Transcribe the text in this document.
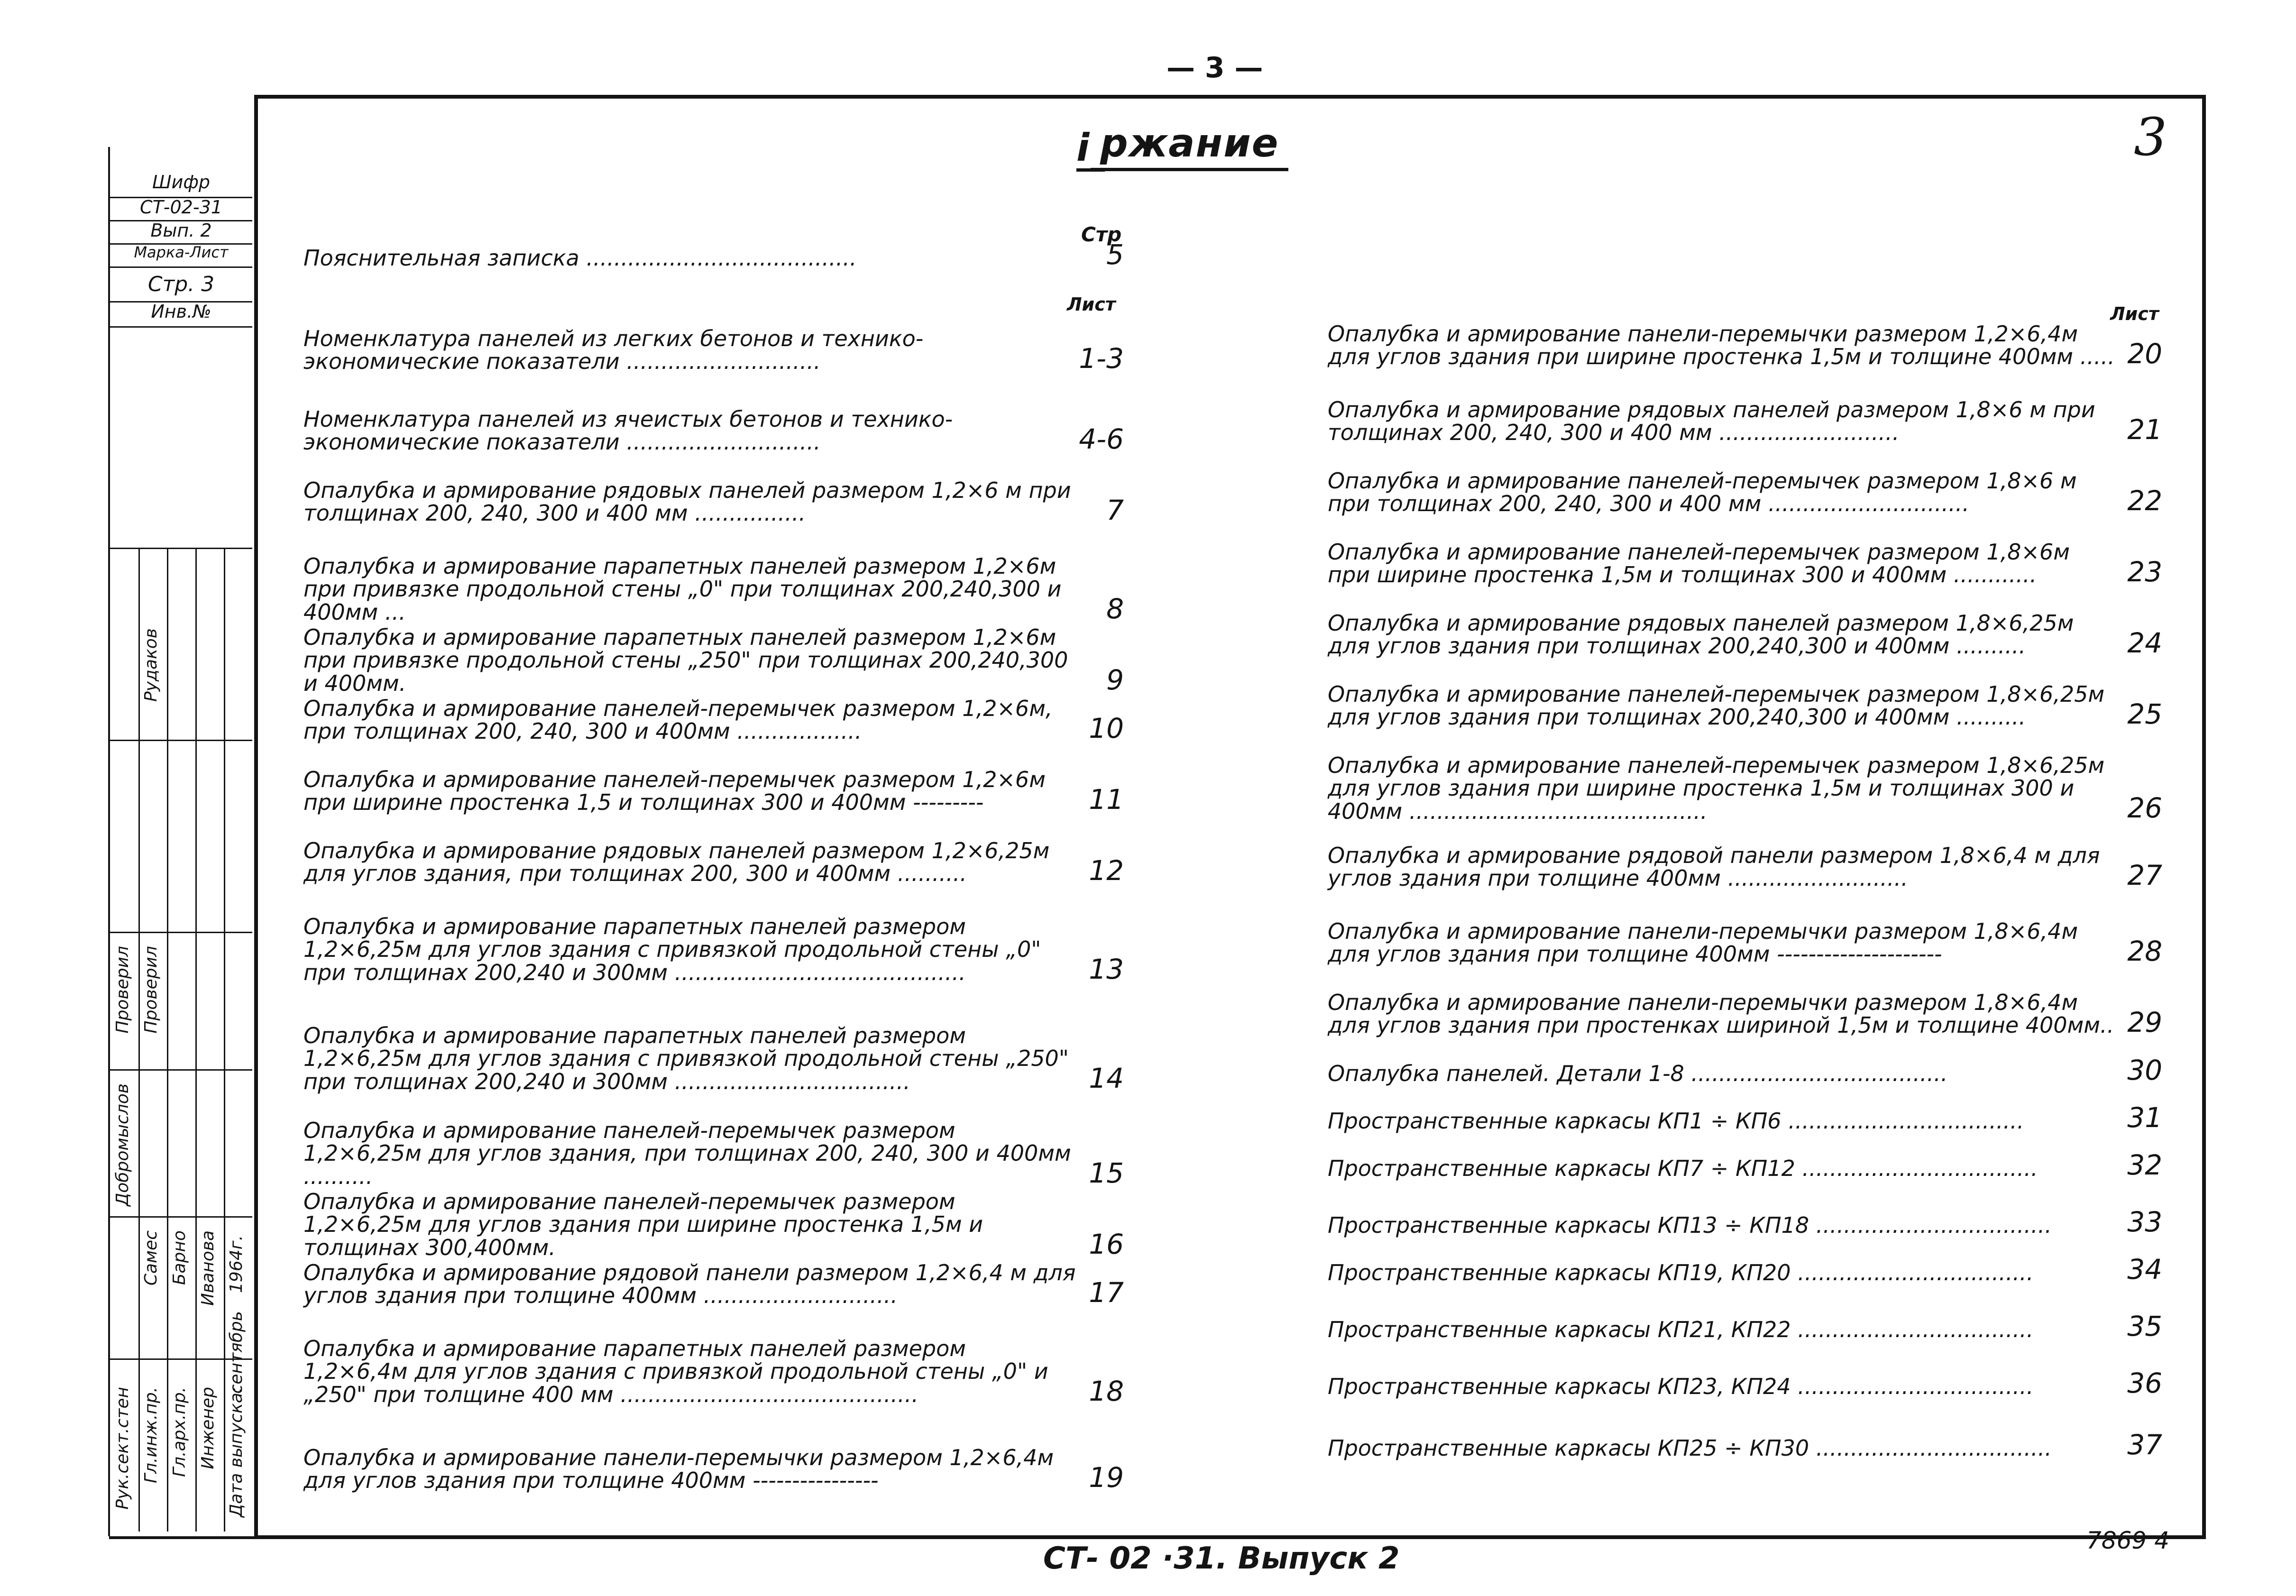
— 3 —
3
Шифр
СТ-02-31
Вып. 2
Марка-Лист
Стр. 3
Инв.№
Рудаков
Проверил Проверил
Добромыслов
Самес Барно Иванова 1964г.
сентябрь
Рук.сект.стен Гл.инж.пр. Гл.арх.пр. Инженер Дата выпуска:
i ржание
Стр
Лист	Лист
Пояснительная записка .......................................	5
Номенклатура панелей из легких бетонов и технико-экономические показатели ............................	1-3
Номенклатура панелей из ячеистых бетонов и технико-экономические показатели ............................	4-6
Опалубка и армирование рядовых панелей размером 1,2×6 м при толщинах 200, 240, 300 и 400 мм ................	7
Опалубка и армирование парапетных панелей размером 1,2×6м при привязке продольной стены „0" при толщинах 200,240,300 и 400мм ...	8
Опалубка и армирование парапетных панелей размером 1,2×6м при привязке продольной стены „250" при толщинах 200,240,300 и 400мм.	9
Опалубка и армирование панелей-перемычек размером 1,2×6м, при толщинах 200, 240, 300 и 400мм ..................	10
Опалубка и армирование панелей-перемычек размером 1,2×6м при ширине простенка 1,5 и толщинах 300 и 400мм ---------	11
Опалубка и армирование рядовых панелей размером 1,2×6,25м для углов здания, при толщинах 200, 300 и 400мм ..........	12
Опалубка и армирование парапетных панелей размером 1,2×6,25м для углов здания с привязкой продольной стены „0" при толщинах 200,240 и 300мм ..........................................	13
Опалубка и армирование парапетных панелей размером 1,2×6,25м для углов здания с привязкой продольной стены „250" при толщинах 200,240 и 300мм ..................................	14
Опалубка и армирование панелей-перемычек размером 1,2×6,25м для углов здания, при толщинах 200, 240, 300 и 400мм ..........	15
Опалубка и армирование панелей-перемычек размером 1,2×6,25м для углов здания при ширине простенка 1,5м и толщинах 300,400мм.	16
Опалубка и армирование рядовой панели размером 1,2×6,4 м для углов здания при толщине 400мм ............................	17
Опалубка и армирование парапетных панелей размером 1,2×6,4м для углов здания с привязкой продольной стены „0" и „250" при толщине 400 мм ...........................................	18
Опалубка и армирование панели-перемычки размером 1,2×6,4м для углов здания при толщине 400мм ----------------	19
Опалубка и армирование панели-перемычки размером 1,2×6,4м для углов здания при ширине простенка 1,5м и толщине 400мм ..... 20
Опалубка и армирование рядовых панелей размером 1,8×6 м при толщинах 200, 240, 300 и 400 мм ..........................	21
Опалубка и армирование панелей-перемычек размером 1,8×6 м при толщинах 200, 240, 300 и 400 мм .............................	22
Опалубка и армирование панелей-перемычек размером 1,8×6м при ширине простенка 1,5м и толщинах 300 и 400мм ............	23
Опалубка и армирование рядовых панелей размером 1,8×6,25м для углов здания при толщинах 200,240,300 и 400мм ..........	24
Опалубка и армирование панелей-перемычек размером 1,8×6,25м для углов здания при толщинах 200,240,300 и 400мм ..........	25
Опалубка и армирование панелей-перемычек размером 1,8×6,25м для углов здания при ширине простенка 1,5м и толщинах 300 и 400мм ...........................................	26
Опалубка и армирование рядовой панели размером 1,8×6,4 м для углов здания при толщине 400мм ..........................	27
Опалубка и армирование панели-перемычки размером 1,8×6,4м для углов здания при толщине 400мм ---------------------	28
Опалубка и армирование панели-перемычки размером 1,8×6,4м для углов здания при простенках шириной 1,5м и толщине 400мм.. 29
Опалубка панелей. Детали 1-8 .....................................	30
Пространственные каркасы КП1 ÷ КП6 ..................................	31
Пространственные каркасы КП7 ÷ КП12 ..................................	32
Пространственные каркасы КП13 ÷ КП18 ..................................	33
Пространственные каркасы КП19, КП20 ..................................	34
Пространственные каркасы КП21, КП22 ..................................	35
Пространственные каркасы КП23, КП24 ..................................	36
Пространственные каркасы КП25 ÷ КП30 ..................................	37
СТ- 02 ·31. Выпуск 2
7869 4
